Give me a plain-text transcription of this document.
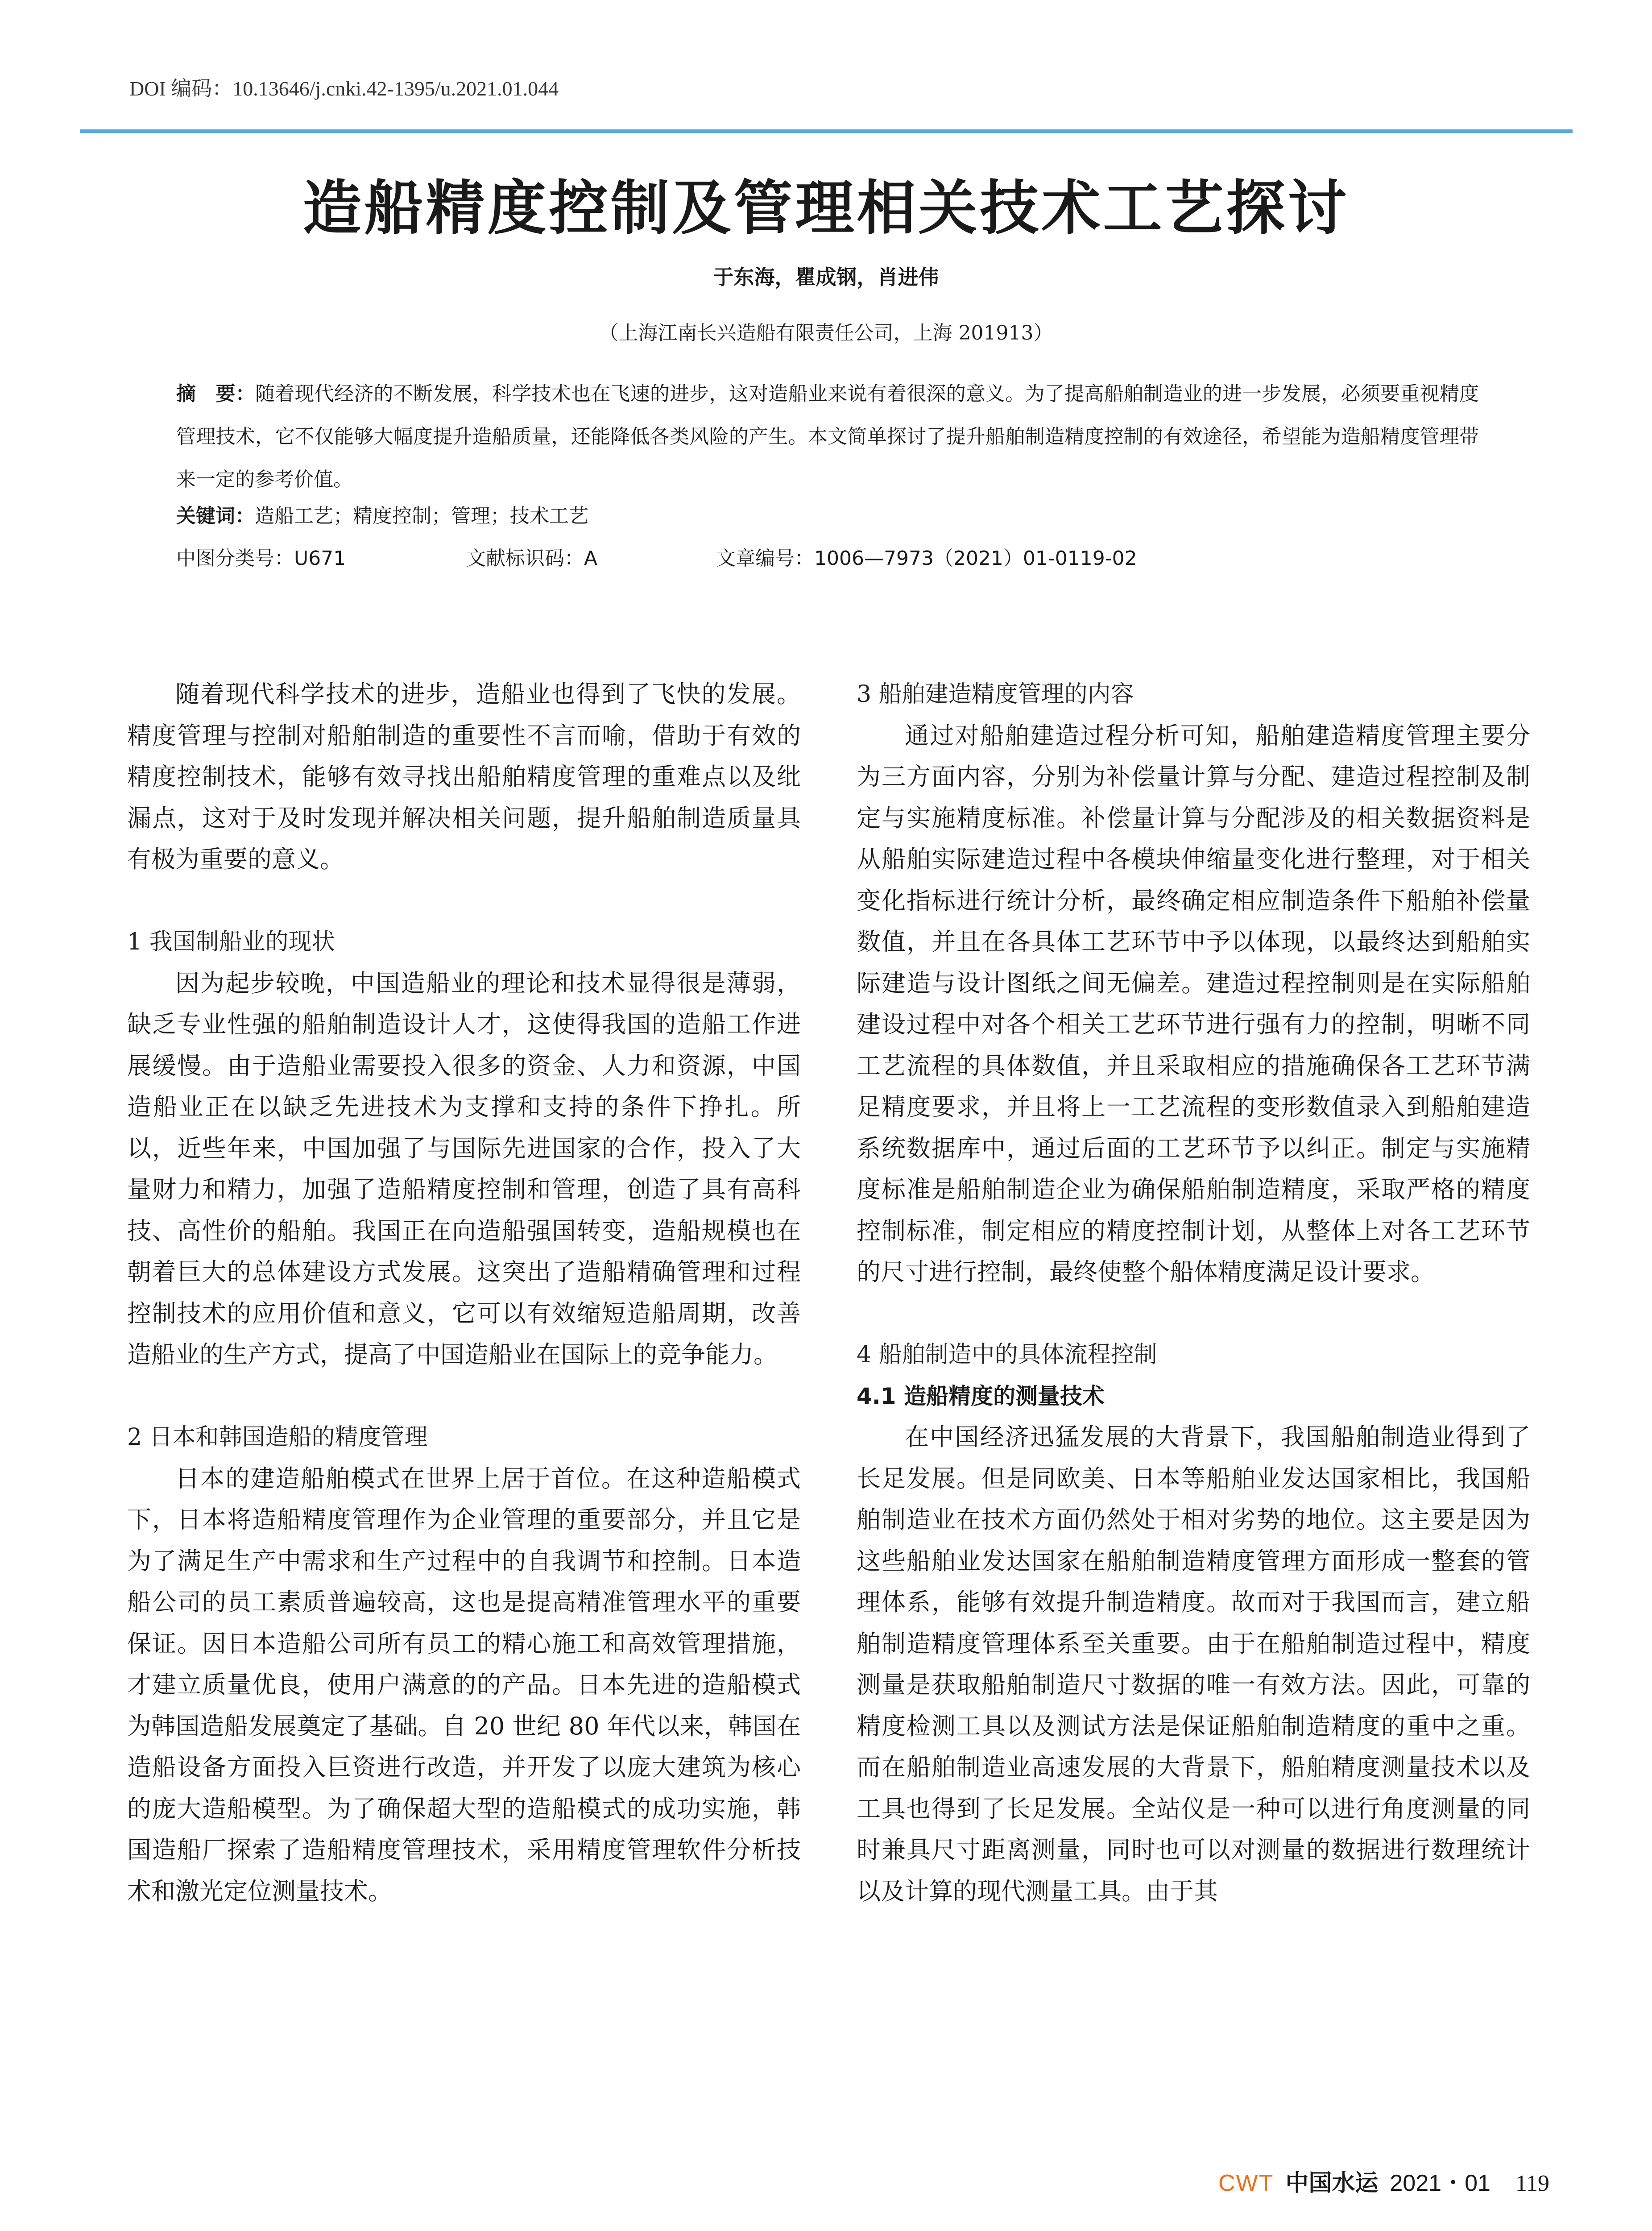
DOI 编码：10.13646/j.cnki.42-1395/u.2021.01.044
造船精度控制及管理相关技术工艺探讨
于东海，瞿成钢，肖进伟
（上海江南长兴造船有限责任公司，上海 201913）
摘　要：随着现代经济的不断发展，科学技术也在飞速的进步，这对造船业来说有着很深的意义。为了提高船舶制造业的进一步发展，必须要重视精度管理技术，它不仅能够大幅度提升造船质量，还能降低各类风险的产生。本文简单探讨了提升船舶制造精度控制的有效途径，希望能为造船精度管理带来一定的参考价值。
关键词：造船工艺；精度控制；管理；技术工艺
中图分类号：U671	文献标识码：A	文章编号：1006—7973（2021）01-0119-02

随着现代科学技术的进步，造船业也得到了飞快的发展。精度管理与控制对船舶制造的重要性不言而喻，借助于有效的精度控制技术，能够有效寻找出船舶精度管理的重难点以及纰漏点，这对于及时发现并解决相关问题，提升船舶制造质量具有极为重要的意义。

1 我国制船业的现状

因为起步较晚，中国造船业的理论和技术显得很是薄弱，缺乏专业性强的船舶制造设计人才，这使得我国的造船工作进展缓慢。由于造船业需要投入很多的资金、人力和资源，中国造船业正在以缺乏先进技术为支撑和支持的条件下挣扎。所以，近些年来，中国加强了与国际先进国家的合作，投入了大量财力和精力，加强了造船精度控制和管理，创造了具有高科技、高性价的船舶。我国正在向造船强国转变，造船规模也在朝着巨大的总体建设方式发展。这突出了造船精确管理和过程控制技术的应用价值和意义，它可以有效缩短造船周期，改善造船业的生产方式，提高了中国造船业在国际上的竞争能力。

2 日本和韩国造船的精度管理

日本的建造船舶模式在世界上居于首位。在这种造船模式下，日本将造船精度管理作为企业管理的重要部分，并且它是为了满足生产中需求和生产过程中的自我调节和控制。日本造船公司的员工素质普遍较高，这也是提高精准管理水平的重要保证。因日本造船公司所有员工的精心施工和高效管理措施，才建立质量优良，使用户满意的的产品。日本先进的造船模式为韩国造船发展奠定了基础。自 20 世纪 80 年代以来，韩国在造船设备方面投入巨资进行改造，并开发了以庞大建筑为核心的庞大造船模型。为了确保超大型的造船模式的成功实施，韩国造船厂探索了造船精度管理技术，采用精度管理软件分析技术和激光定位测量技术。

3 船舶建造精度管理的内容

通过对船舶建造过程分析可知，船舶建造精度管理主要分为三方面内容，分别为补偿量计算与分配、建造过程控制及制定与实施精度标准。补偿量计算与分配涉及的相关数据资料是从船舶实际建造过程中各模块伸缩量变化进行整理，对于相关变化指标进行统计分析，最终确定相应制造条件下船舶补偿量数值，并且在各具体工艺环节中予以体现，以最终达到船舶实际建造与设计图纸之间无偏差。建造过程控制则是在实际船舶建设过程中对各个相关工艺环节进行强有力的控制，明晰不同工艺流程的具体数值，并且采取相应的措施确保各工艺环节满足精度要求，并且将上一工艺流程的变形数值录入到船舶建造系统数据库中，通过后面的工艺环节予以纠正。制定与实施精度标准是船舶制造企业为确保船舶制造精度，采取严格的精度控制标准，制定相应的精度控制计划，从整体上对各工艺环节的尺寸进行控制，最终使整个船体精度满足设计要求。

4 船舶制造中的具体流程控制
4.1 造船精度的测量技术

在中国经济迅猛发展的大背景下，我国船舶制造业得到了长足发展。但是同欧美、日本等船舶业发达国家相比，我国船舶制造业在技术方面仍然处于相对劣势的地位。这主要是因为这些船舶业发达国家在船舶制造精度管理方面形成一整套的管理体系，能够有效提升制造精度。故而对于我国而言，建立船舶制造精度管理体系至关重要。由于在船舶制造过程中，精度测量是获取船舶制造尺寸数据的唯一有效方法。因此，可靠的精度检测工具以及测试方法是保证船舶制造精度的重中之重。而在船舶制造业高速发展的大背景下，船舶精度测量技术以及工具也得到了长足发展。全站仪是一种可以进行角度测量的同时兼具尺寸距离测量，同时也可以对测量的数据进行数理统计以及计算的现代测量工具。由于其

CWT 中国水运 2021・01 119
